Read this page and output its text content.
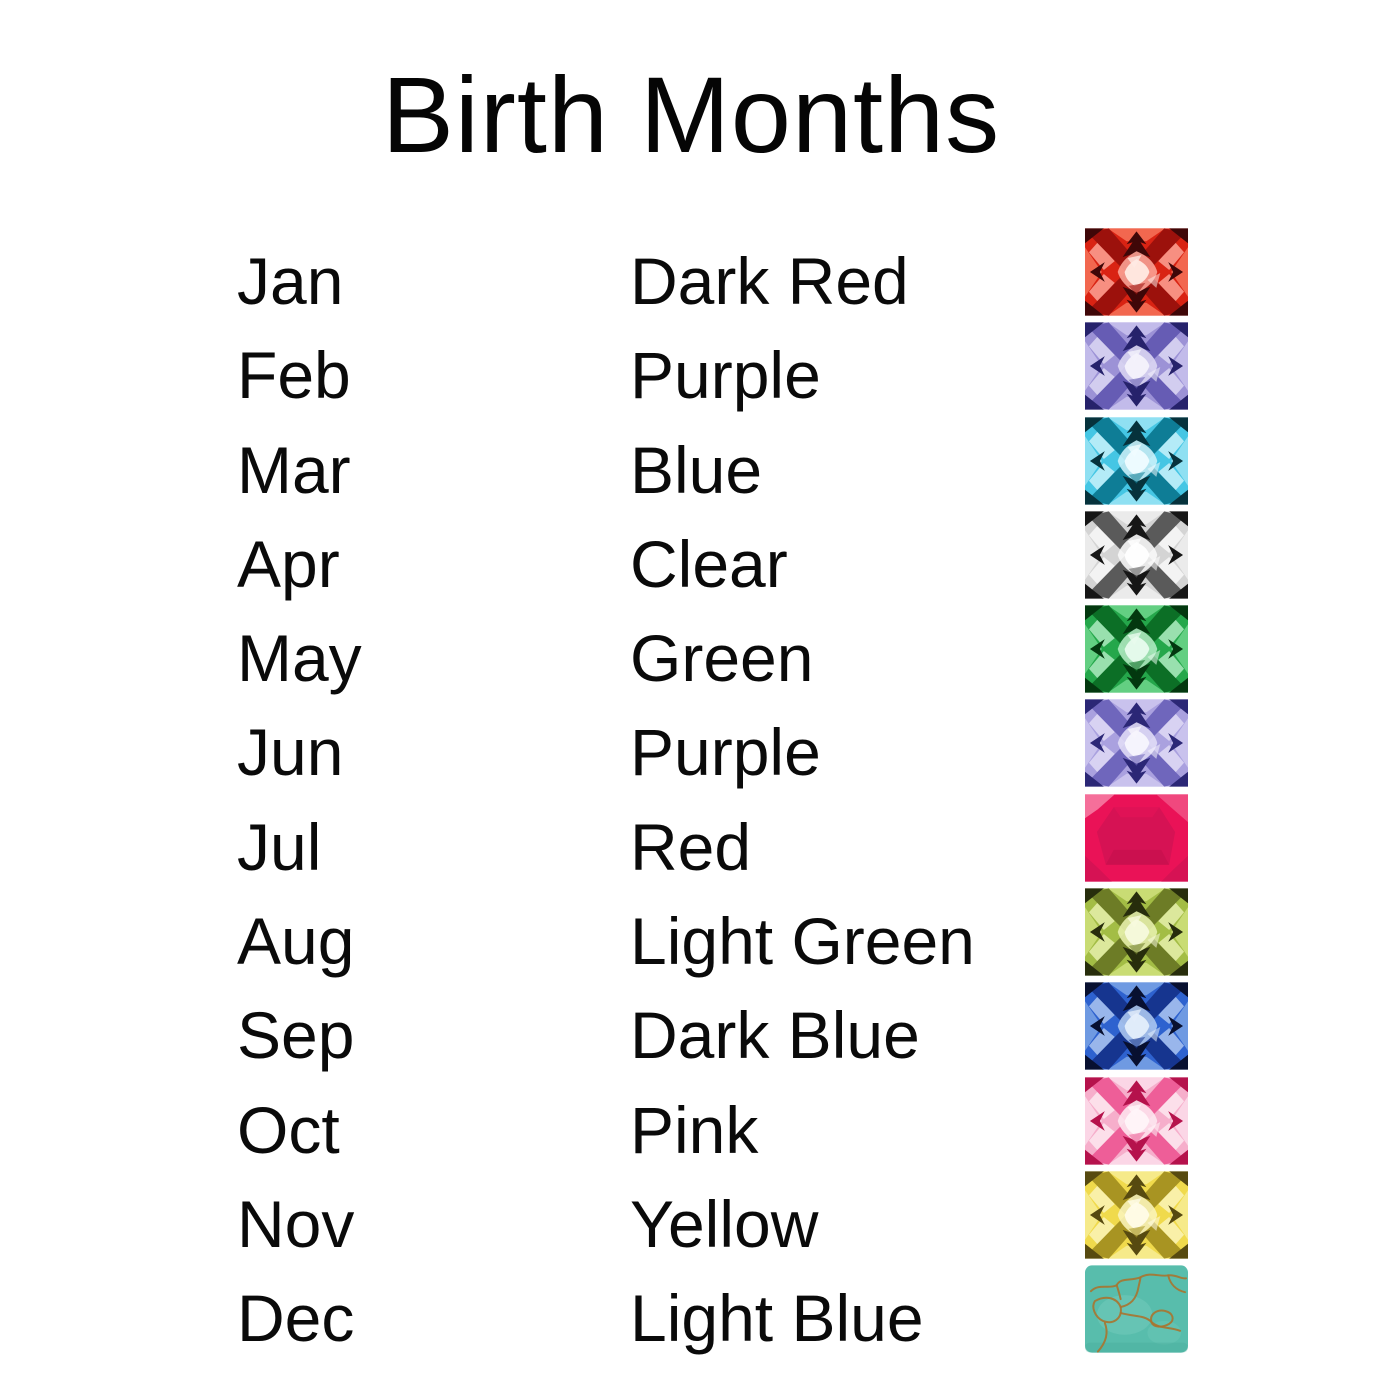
Birth Months
Jan	Dark Red
Feb	Purple
Mar	Blue
Apr	Clear
May	Green
Jun	Purple
Jul	Red
Aug	Light Green
Sep	Dark Blue
Oct	Pink
Nov	Yellow
Dec	Light Blue
